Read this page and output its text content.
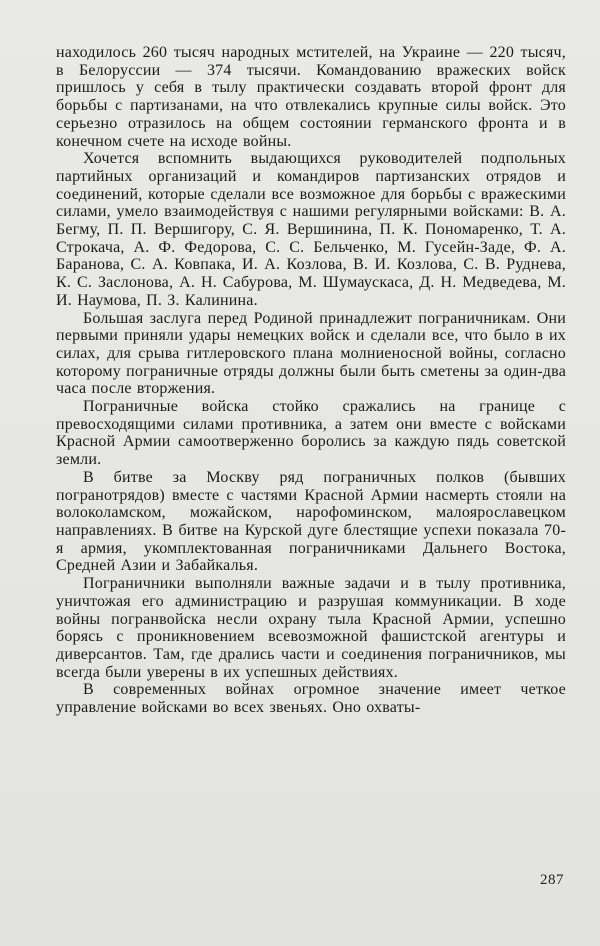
находилось 260 тысяч народных мстителей, на Украине — 220 тысяч, в Белоруссии — 374 тысячи. Командованию вражеских войск пришлось у себя в тылу практически создавать второй фронт для борьбы с партизанами, на что отвлекались крупные силы войск. Это серьезно отразилось на общем состоянии германского фронта и в конечном счете на исходе войны.

Хочется вспомнить выдающихся руководителей подпольных партийных организаций и командиров партизанских отрядов и соединений, которые сделали все возможное для борьбы с вражескими силами, умело взаимодействуя с нашими регулярными войсками: В. А. Бегму, П. П. Вершигору, С. Я. Вершинина, П. К. Пономаренко, Т. А. Строкача, А. Ф. Федорова, С. С. Бельченко, М. Гусейн-Заде, Ф. А. Баранова, С. А. Ковпака, И. А. Козлова, В. И. Козлова, С. В. Руднева, К. С. Заслонова, А. Н. Сабурова, М. Шумаускаса, Д. Н. Медведева, М. И. Наумова, П. З. Калинина.

Большая заслуга перед Родиной принадлежит пограничникам. Они первыми приняли удары немецких войск и сделали все, что было в их силах, для срыва гитлеровского плана молниеносной войны, согласно которому пограничные отряды должны были быть сметены за один-два часа после вторжения.

Пограничные войска стойко сражались на границе с превосходящими силами противника, а затем они вместе с войсками Красной Армии самоотверженно боролись за каждую пядь советской земли.

В битве за Москву ряд пограничных полков (бывших погранотрядов) вместе с частями Красной Армии насмерть стояли на волоколамском, можайском, нарофоминском, малоярославецком направлениях. В битве на Курской дуге блестящие успехи показала 70-я армия, укомплектованная пограничниками Дальнего Востока, Средней Азии и Забайкалья.

Пограничники выполняли важные задачи и в тылу противника, уничтожая его администрацию и разрушая коммуникации. В ходе войны погранвойска несли охрану тыла Красной Армии, успешно борясь с проникновением всевозможной фашистской агентуры и диверсантов. Там, где дрались части и соединения пограничников, мы всегда были уверены в их успешных действиях.

В современных войнах огромное значение имеет четкое управление войсками во всех звеньях. Оно охваты-

287
